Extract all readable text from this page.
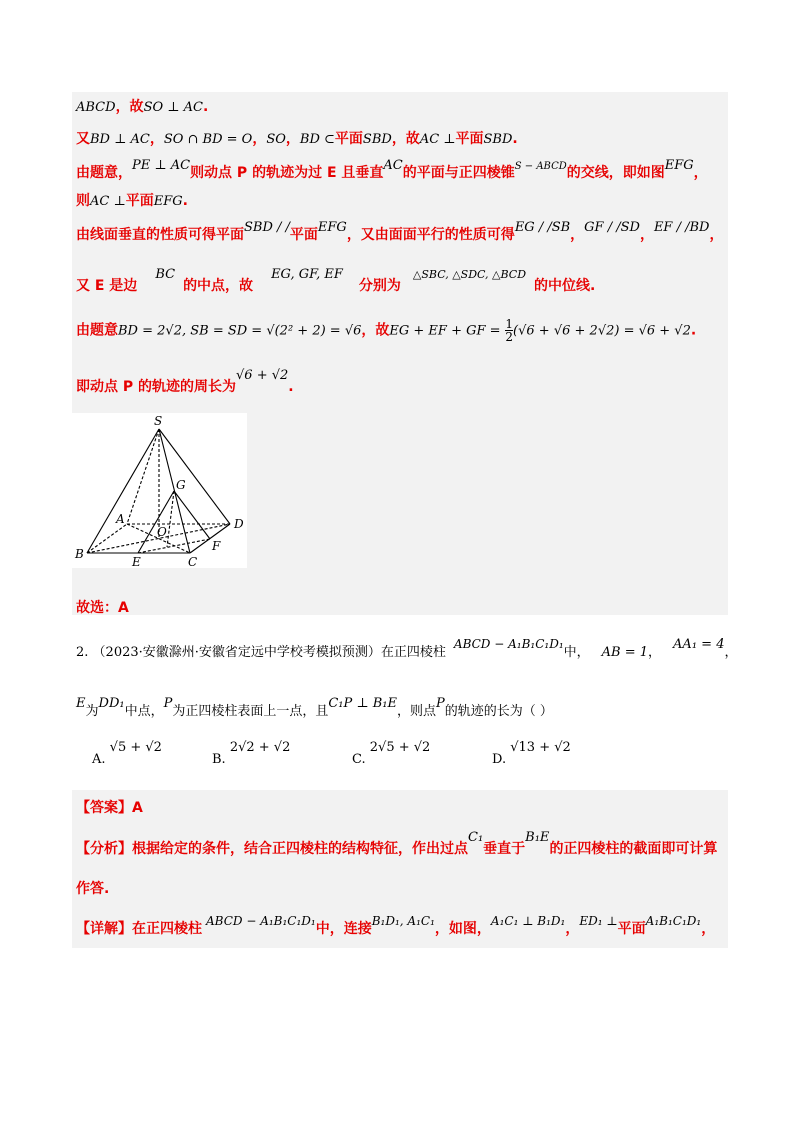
ABCD，故SO ⊥ AC.
又BD ⊥ AC，SO ∩ BD = O，SO，BD ⊂平面SBD，故AC ⊥平面SBD.
由题意，PE ⊥ AC则动点 P 的轨迹为过 E 且垂直AC的平面与正四棱锥$^{S - ABCD}$的交线，即如图EFG，
则AC ⊥平面EFG.
由线面垂直的性质可得平面SBD / /平面EFG，又由面面平行的性质可得EG / /SB，GF / /SD，EF / /BD，
又 E 是边BC的中点，故EG, GF, EF分别为$^{\triangle SBC, \triangle SDC, \triangle BCD}$的中位线.
由题意BD = 2√2, SB = SD = √(2² + 2) = √6，故EG + EF + GF = $\frac{1}{2} (√6 + √6 + 2√2) = √6 + √2$.
即动点 P 的轨迹的周长为√6 + √2.
S
G
A
O
D
B
F
E	C
故选：A
2. （2023·安徽滁州·安徽省定远中学校考模拟预测）在正四棱柱ABCD − A₁B₁C₁D₁中， AB = 1，AA₁ = 4，
E为DD₁中点，P为正四棱柱表面上一点，且C₁P ⊥ B₁E，则点P的轨迹的长为（ ）
A. √5 + √2
B. 2√2 + √2
C. 2√5 + √2
D. √13 + √2
【答案】A
【分析】根据给定的条件，结合正四棱柱的结构特征，作出过点C₁垂直于B₁E的正四棱柱的截面即可计算
作答.
【详解】在正四棱柱 ABCD − A₁B₁C₁D₁中，连接B₁D₁, A₁C₁，如图，A₁C₁ ⊥ B₁D₁，ED₁ ⊥平面A₁B₁C₁D₁，
